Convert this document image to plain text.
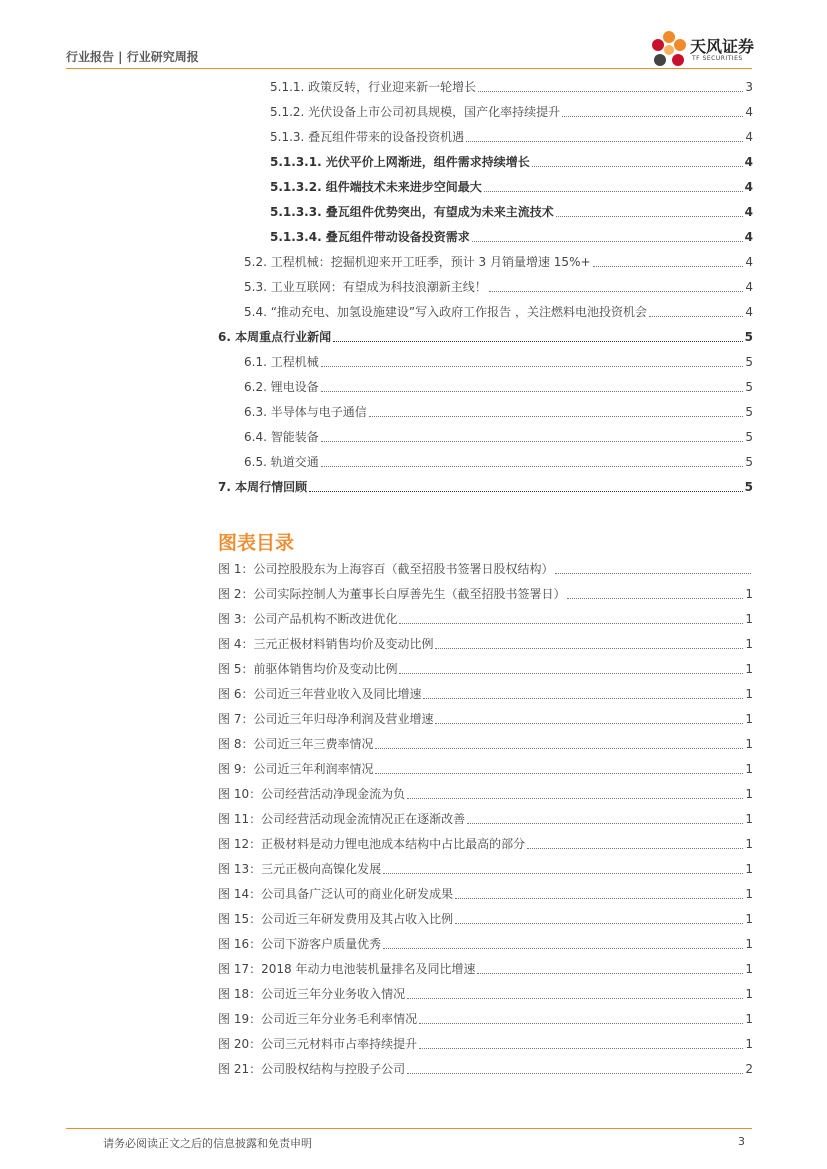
行业报告 | 行业研究周报
天风证券
TF SECURITIES
5.1.1. 政策反转，行业迎来新一轮增长	3
5.1.2. 光伏设备上市公司初具规模，国产化率持续提升	4
5.1.3. 叠瓦组件带来的设备投资机遇	4
5.1.3.1. 光伏平价上网渐进，组件需求持续增长	4
5.1.3.2. 组件端技术未来进步空间最大	4
5.1.3.3. 叠瓦组件优势突出，有望成为未来主流技术	4
5.1.3.4. 叠瓦组件带动设备投资需求	4
5.2. 工程机械：挖掘机迎来开工旺季，预计 3 月销量增速 15%+	4
5.3. 工业互联网：有望成为科技浪潮新主线！	4
5.4. “推动充电、加氢设施建设”写入政府工作报告 ，关注燃料电池投资机会	4
6. 本周重点行业新闻	5
6.1. 工程机械	5
6.2. 锂电设备	5
6.3. 半导体与电子通信	5
6.4. 智能装备	5
6.5. 轨道交通	5
7. 本周行情回顾	5
图表目录
图 1：公司控股股东为上海容百（截至招股书签署日股权结构）
图 2：公司实际控制人为董事长白厚善先生（截至招股书签署日）	1
图 3：公司产品机构不断改进优化	1
图 4：三元正极材料销售均价及变动比例	1
图 5：前驱体销售均价及变动比例	1
图 6：公司近三年营业收入及同比增速	1
图 7：公司近三年归母净利润及营业增速	1
图 8：公司近三年三费率情况	1
图 9：公司近三年利润率情况	1
图 10：公司经营活动净现金流为负	1
图 11：公司经营活动现金流情况正在逐渐改善	1
图 12：正极材料是动力锂电池成本结构中占比最高的部分	1
图 13：三元正极向高镍化发展	1
图 14：公司具备广泛认可的商业化研发成果	1
图 15：公司近三年研发费用及其占收入比例	1
图 16：公司下游客户质量优秀	1
图 17：2018 年动力电池装机量排名及同比增速	1
图 18：公司近三年分业务收入情况	1
图 19：公司近三年分业务毛利率情况	1
图 20：公司三元材料市占率持续提升	1
图 21：公司股权结构与控股子公司	2
请务必阅读正文之后的信息披露和免责申明	3
